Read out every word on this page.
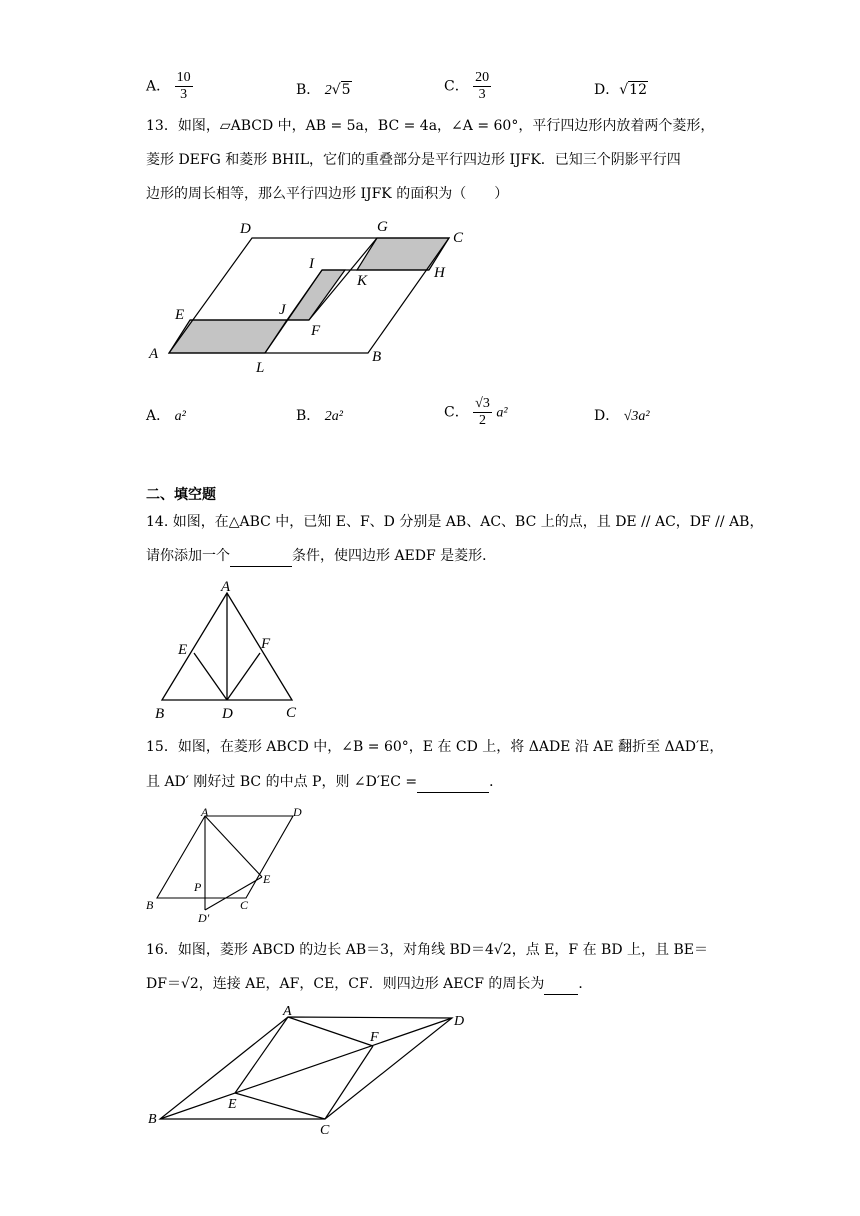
A． $\frac{10}{3}$	B． 2√5	C． $\frac{20}{3}$	D．√12
13．如图，▱ABCD 中，AB = 5a，BC = 4a，∠A = 60°，平行四边形内放着两个菱形，
菱形 DEFG 和菱形 BHIL，它们的重叠部分是平行四边形 IJFK．已知三个阴影平行四
边形的周长相等，那么平行四边形 IJFK 的面积为（　　）
D	G
C
I
K	H
E	J
F
A
L
B
A． a²	B． 2a²	C． $\frac{√3}{2} a^2$	D． √3a²
二、填空题
14. 如图，在△ABC 中，已知 E、F、D 分别是 AB、AC、BC 上的点，且 DE // AC，DF // AB，
请你添加一个	条件，使四边形 AEDF 是菱形．
A
E	F
B	D	C
15．如图，在菱形 ABCD 中，∠B = 60°，E 在 CD 上，将 ΔADE 沿 AE 翻折至 ΔAD′E，
且 AD′ 刚好过 BC 的中点 P，则 ∠D′EC =	．
A	D
P
E
B	C
D′
16．如图，菱形 ABCD 的边长 AB＝3，对角线 BD＝4√2，点 E，F 在 BD 上，且 BE＝
DF＝√2，连接 AE，AF，CE，CF．则四边形 AECF 的周长为 ．
A
D
F
E
B
C
